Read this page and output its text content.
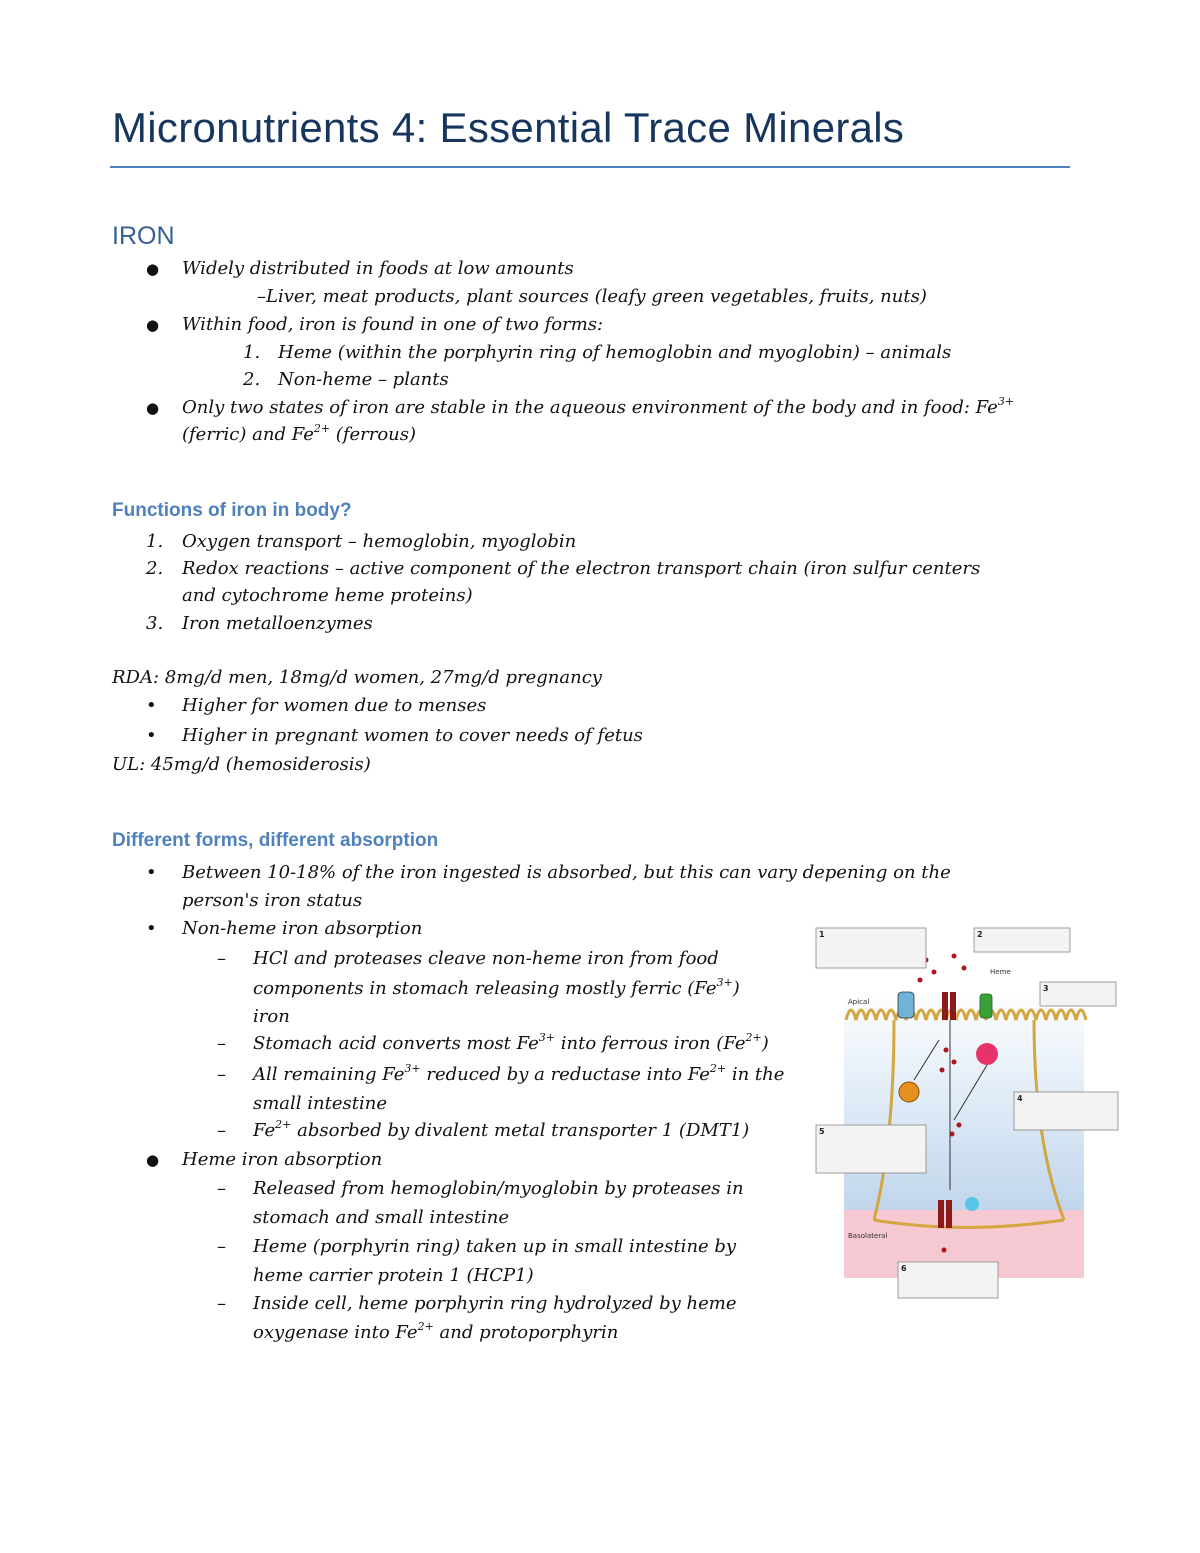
Micronutrients 4: Essential Trace Minerals
IRON
● Widely distributed in foods at low amounts
–Liver, meat products, plant sources (leafy green vegetables, fruits, nuts)
● Within food, iron is found in one of two forms:
1. Heme (within the porphyrin ring of hemoglobin and myoglobin) – animals
2. Non-heme – plants
● Only two states of iron are stable in the aqueous environment of the body and in food: $Fe^{3+}$
(ferric) and $Fe^{2+}$ (ferrous)
Functions of iron in body?
1. Oxygen transport – hemoglobin, myoglobin
2. Redox reactions – active component of the electron transport chain (iron sulfur centers
and cytochrome heme proteins)
3. Iron metalloenzymes
RDA: 8mg/d men, 18mg/d women, 27mg/d pregnancy
• Higher for women due to menses
• Higher in pregnant women to cover needs of fetus
UL: 45mg/d (hemosiderosis)
Different forms, different absorption
• Between 10-18% of the iron ingested is absorbed, but this can vary depening on the
person's iron status
• Non-heme iron absorption
– HCl and proteases cleave non-heme iron from food
components in stomach releasing mostly ferric $(Fe^{3+})$
iron
– Stomach acid converts most $Fe^{3+}$ into ferrous iron $(Fe^{2+})$
– All remaining $Fe^{3+}$ reduced by a reductase into $Fe^{2+}$ in the
small intestine
– $Fe^{2+}$ absorbed by divalent metal transporter 1 (DMT1)
● Heme iron absorption
– Released from hemoglobin/myoglobin by proteases in
stomach and small intestine
– Heme (porphyrin ring) taken up in small intestine by
heme carrier protein 1 (HCP1)
– Inside cell, heme porphyrin ring hydrolyzed by heme
oxygenase into $Fe^{2+}$ and protoporphyrin
1	2
3
4
5
6
Apical
Basolateral
Heme
